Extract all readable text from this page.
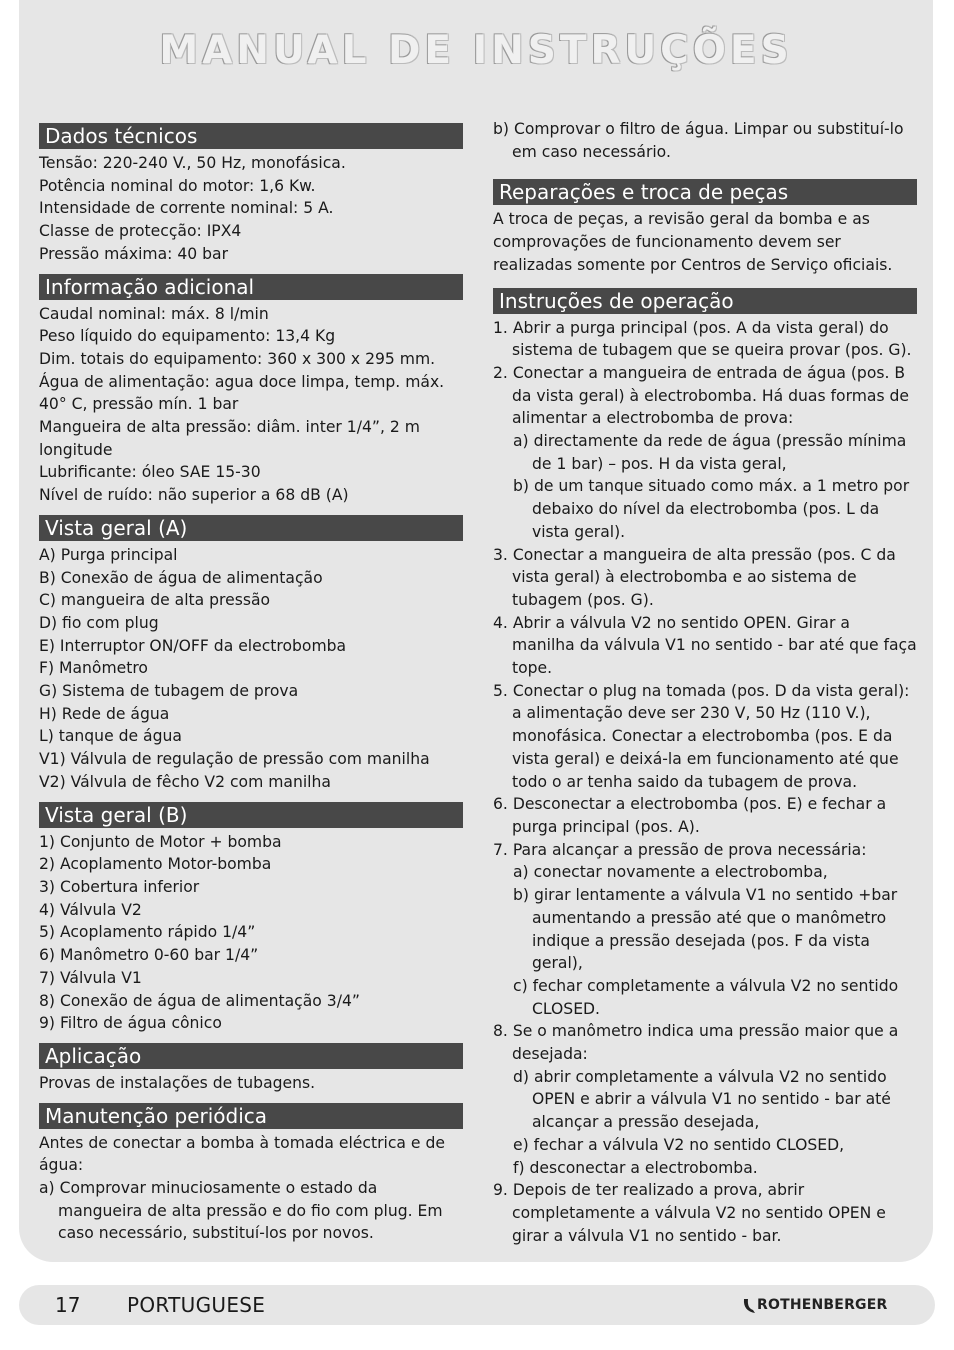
MANUAL DE INSTRUÇÕES
Dados técnicos

Tensão: 220-240 V., 50 Hz, monofásica.

Potência nominal do motor: 1,6 Kw.

Intensidade de corrente nominal: 5 A.

Classe de protecção: IPX4

Pressão máxima: 40 bar

Informação adicional

Caudal nominal: máx. 8 l/min

Peso líquido do equipamento: 13,4 Kg

Dim. totais do equipamento: 360 x 300 x 295 mm.

Água de alimentação: agua doce limpa, temp. máx. 40° C, pressão mín. 1 bar

Mangueira de alta pressão: diâm. inter 1/4”, 2 m longitude

Lubrificante: óleo SAE 15-30

Nível de ruído: não superior a 68 dB (A)

Vista geral (A)

A) Purga principal

B) Conexão de água de alimentação

C) mangueira de alta pressão

D) fio com plug

E) Interruptor ON/OFF da electrobomba

F) Manômetro

G) Sistema de tubagem de prova

H) Rede de água

L) tanque de água

V1) Válvula de regulação de pressão com manilha

V2) Válvula de fêcho V2 com manilha

Vista geral (B)

1) Conjunto de Motor + bomba

2) Acoplamento Motor-bomba

3) Cobertura inferior

4) Válvula V2

5) Acoplamento rápido 1/4”

6) Manômetro 0-60 bar 1/4”

7) Válvula V1

8) Conexão de água de alimentação 3/4”

9) Filtro de água cônico

Aplicação

Provas de instalações de tubagens.

Manutenção periódica

Antes de conectar a bomba à tomada eléctrica e de água:

a) Comprovar minuciosamente o estado da mangueira de alta pressão e do fio com plug. Em caso necessário, substituí-los por novos.

b) Comprovar o filtro de água. Limpar ou substituí-lo em caso necessário.

Reparações e troca de peças

A troca de peças, a revisão geral da bomba e as comprovações de funcionamento devem ser realizadas somente por Centros de Serviço oficiais.

Instruções de operação

1. Abrir a purga principal (pos. A da vista geral) do sistema de tubagem que se queira provar (pos. G).

2. Conectar a mangueira de entrada de água (pos. B da vista geral) à electrobomba. Há duas formas de alimentar a electrobomba de prova:

a) directamente da rede de água (pressão mínima de 1 bar) – pos. H da vista geral,

b) de um tanque situado como máx. a 1 metro por debaixo do nível da electrobomba (pos. L da vista geral).

3. Conectar a mangueira de alta pressão (pos. C da vista geral) à electrobomba e ao sistema de tubagem (pos. G).

4. Abrir a válvula V2 no sentido OPEN. Girar a manilha da válvula V1 no sentido - bar até que faça tope.

5. Conectar o plug na tomada (pos. D da vista geral): a alimentação deve ser 230 V, 50 Hz (110 V.), monofásica. Conectar a electrobomba (pos. E da vista geral) e deixá-la em funcionamento até que todo o ar tenha saido da tubagem de prova.

6. Desconectar a electrobomba (pos. E) e fechar a purga principal (pos. A).

7. Para alcançar a pressão de prova necessária:

a) conectar novamente a electrobomba,

b) girar lentamente a válvula V1 no sentido +bar aumentando a pressão até que o manômetro indique a pressão desejada (pos. F da vista geral),

c) fechar completamente a válvula V2 no sentido CLOSED.

8. Se o manômetro indica uma pressão maior que a desejada:

d) abrir completamente a válvula V2 no sentido OPEN e abrir a válvula V1 no sentido - bar até alcançar a pressão desejada,

e) fechar a válvula V2 no sentido CLOSED,

f) desconectar a electrobomba.

9. Depois de ter realizado a prova, abrir completamente a válvula V2 no sentido OPEN e girar a válvula V1 no sentido - bar.

17 PORTUGUESE	ROTHENBERGER
